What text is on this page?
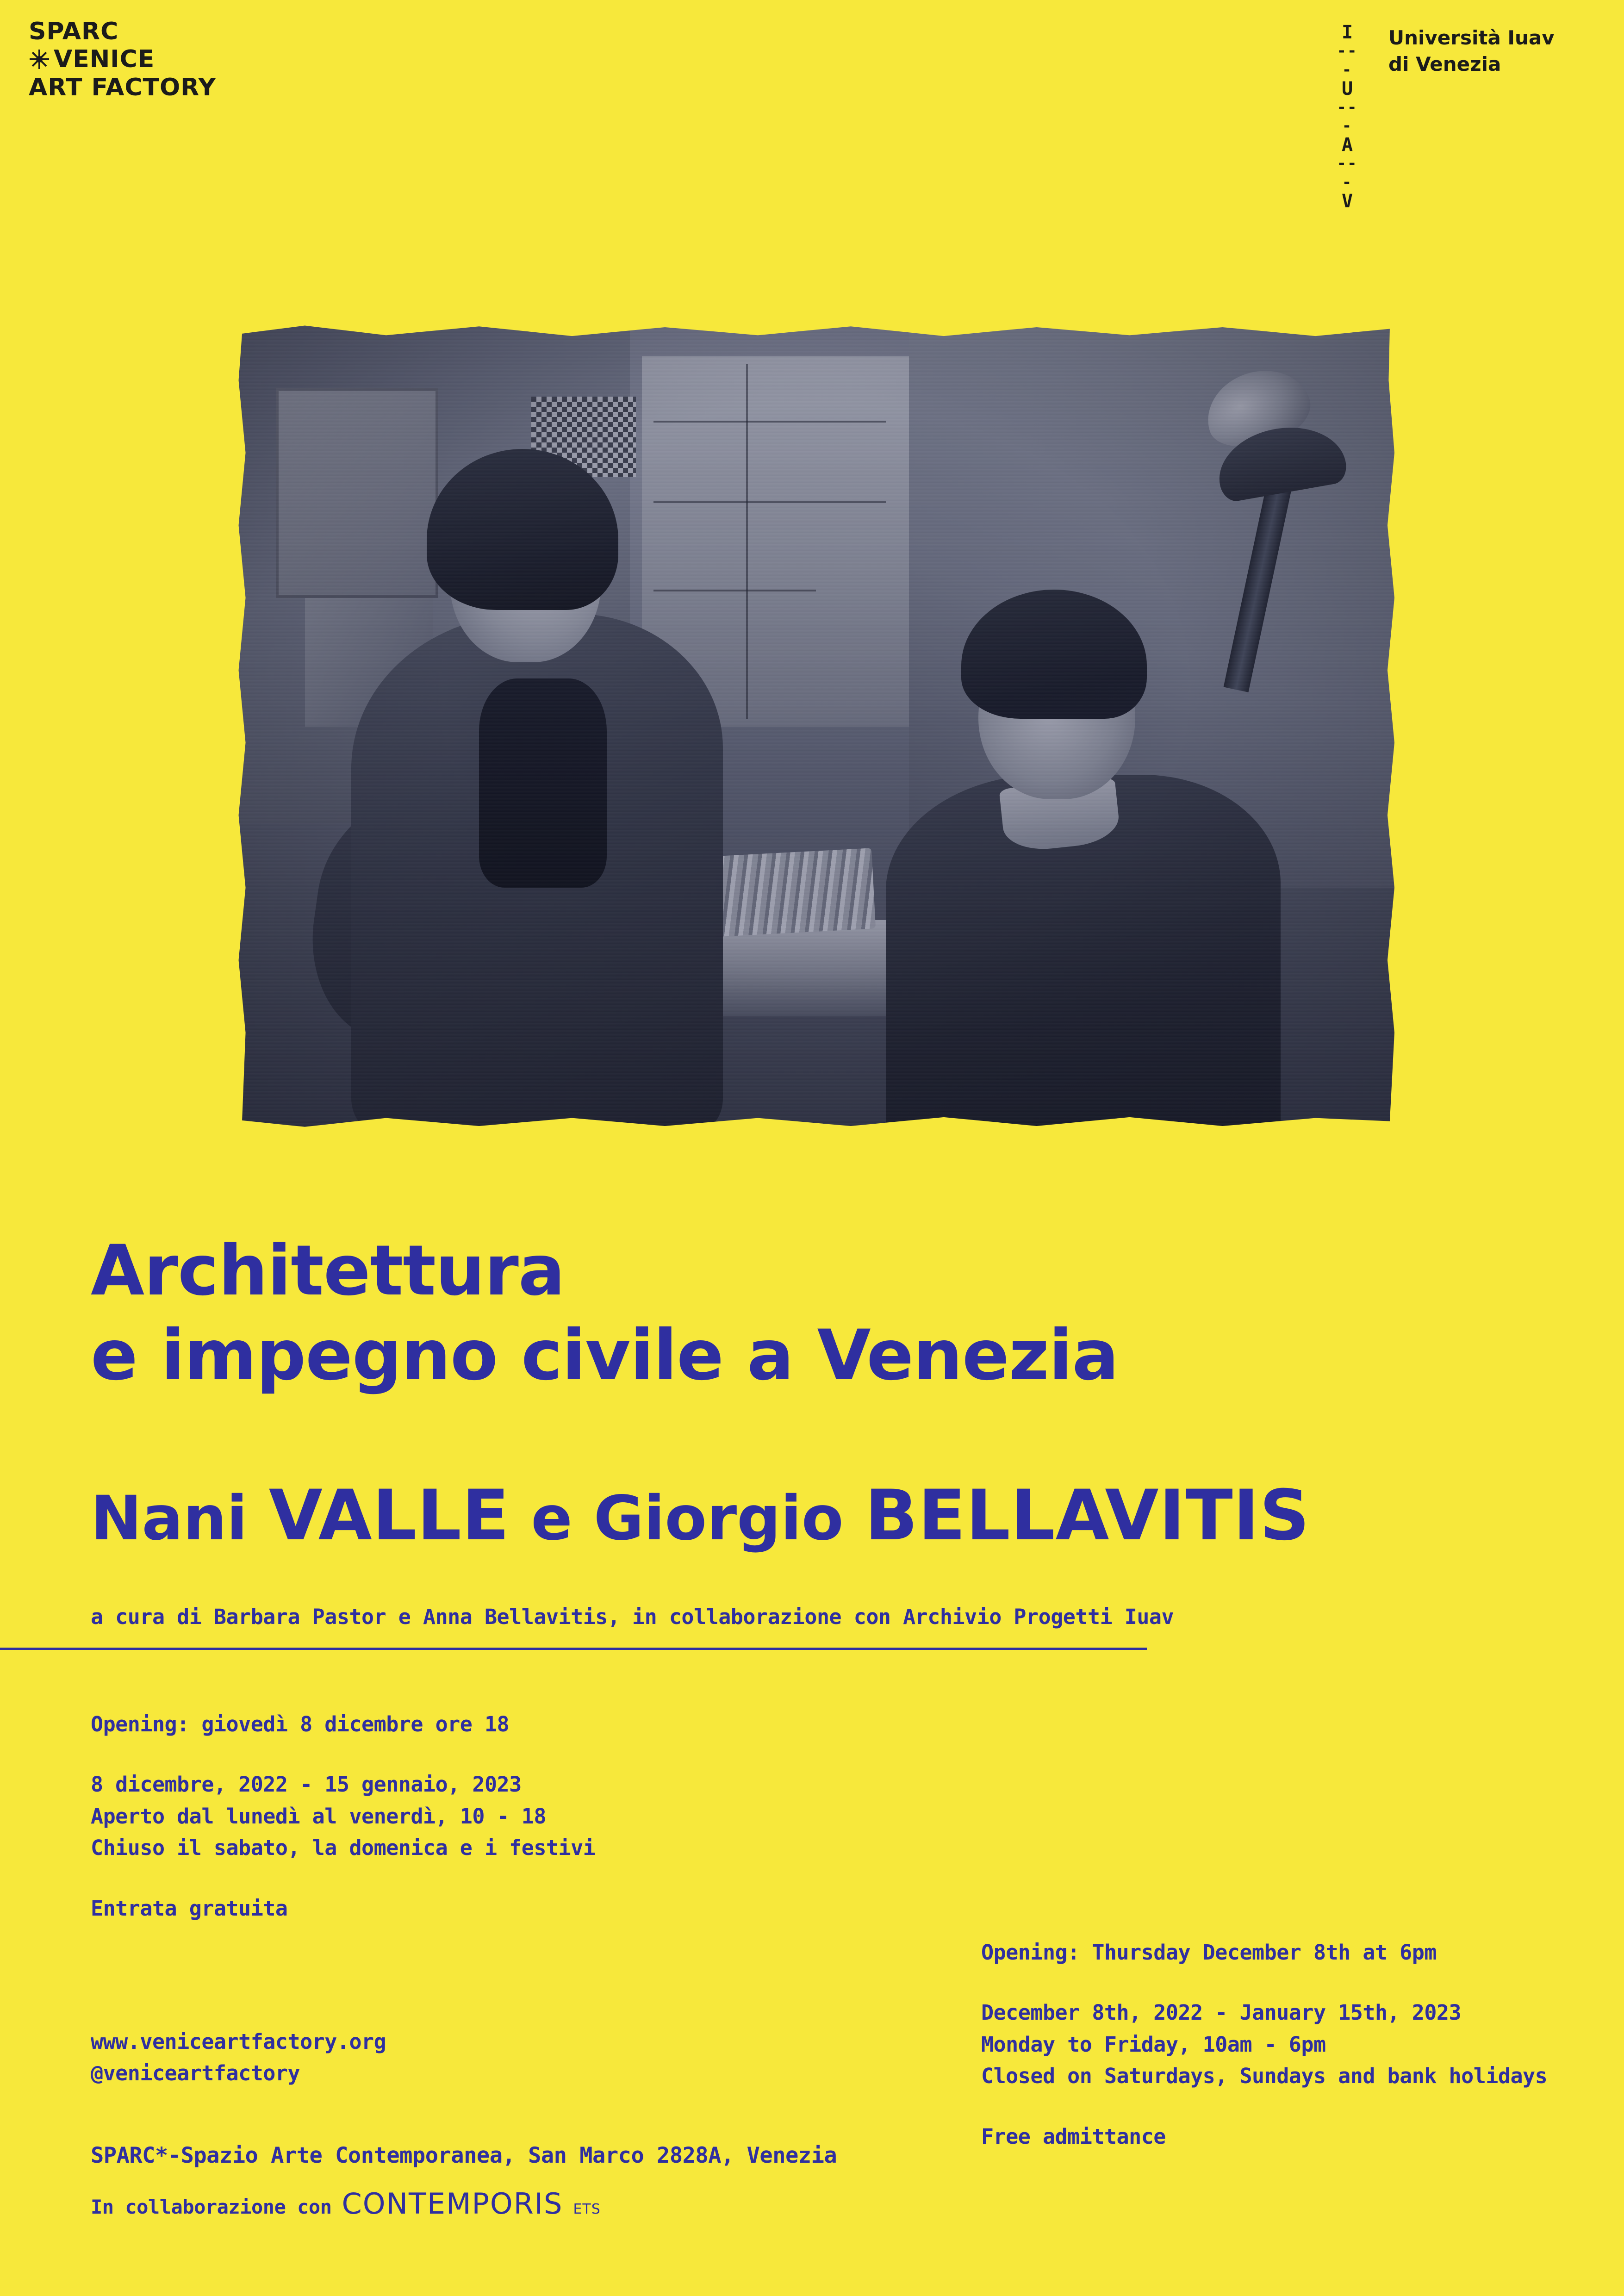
SPARC
VENICE
ART FACTORY
I
---
U
---
A
---
V
Università Iuav
di Venezia
Architettura
e impegno civile a Venezia
Nani VALLE e Giorgio BELLAVITIS
a cura di Barbara Pastor e Anna Bellavitis, in collaborazione con Archivio Progetti Iuav

Opening: giovedì 8 dicembre ore 18

8 dicembre, 2022 - 15 gennaio, 2023
Aperto dal lunedì al venerdì, 10 - 18
Chiuso il sabato, la domenica e i festivi

Entrata gratuita

Opening: Thursday December 8th at 6pm

December 8th, 2022 - January 15th, 2023
Monday to Friday, 10am - 6pm
Closed on Saturdays, Sundays and bank holidays

Free admittance

www.veniceartfactory.org
@veniceartfactory
SPARC*-Spazio Arte Contemporanea, San Marco 2828A, Venezia
In collaborazione con CONTEMPORIS ETS
